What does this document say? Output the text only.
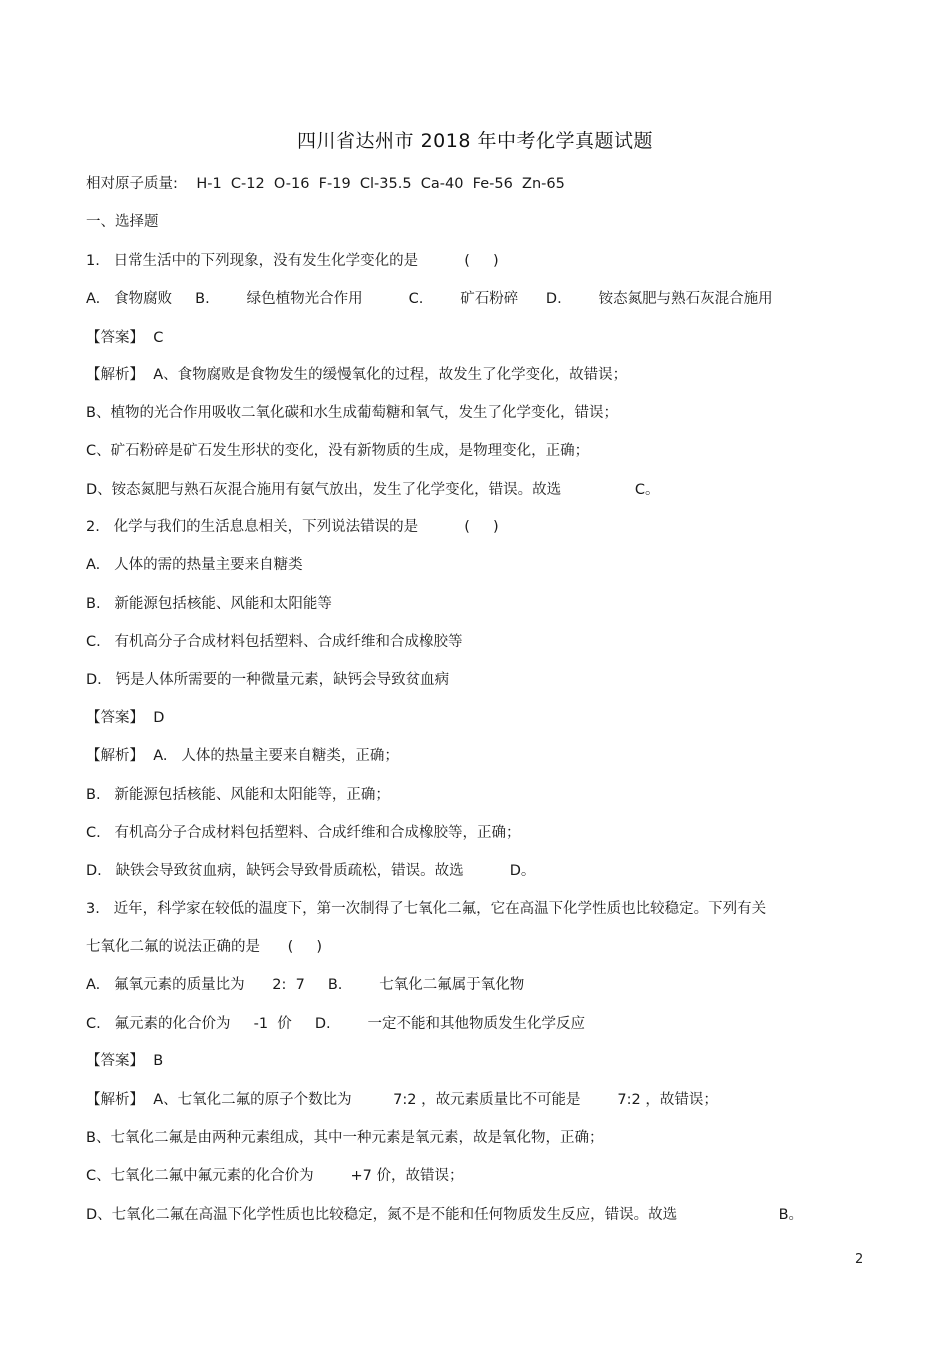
四川省达州市 2018 年中考化学真题试题
相对原子质量:    H-1  C-12  O-16  F-19  Cl-35.5  Ca-40  Fe-56  Zn-65
一、选择题
1.   日常生活中的下列现象，没有发生化学变化的是          (     )
A.   食物腐败     B.        绿色植物光合作用          C.        矿石粉碎      D.        铵态氮肥与熟石灰混合施用
【答案】  C
【解析】  A、食物腐败是食物发生的缓慢氧化的过程，故发生了化学变化，故错误；
B、植物的光合作用吸收二氧化碳和水生成葡萄糖和氧气，发生了化学变化，错误；
C、矿石粉碎是矿石发生形状的变化，没有新物质的生成，是物理变化，正确；
D、铵态氮肥与熟石灰混合施用有氨气放出，发生了化学变化，错误。故选                C。
2.   化学与我们的生活息息相关，下列说法错误的是          (     )
A.   人体的需的热量主要来自糖类
B.   新能源包括核能、风能和太阳能等
C.   有机高分子合成材料包括塑料、合成纤维和合成橡胶等
D.   钙是人体所需要的一种微量元素，缺钙会导致贫血病
【答案】  D
【解析】  A.   人体的热量主要来自糖类，正确；
B.   新能源包括核能、风能和太阳能等，正确；
C.   有机高分子合成材料包括塑料、合成纤维和合成橡胶等，正确；
D.   缺铁会导致贫血病，缺钙会导致骨质疏松，错误。故选          D。
3.   近年，科学家在较低的温度下，第一次制得了七氧化二氟，它在高温下化学性质也比较稳定。下列有关
七氧化二氟的说法正确的是      (     )
A.   氟氧元素的质量比为      2:  7     B.        七氧化二氟属于氧化物
C.   氟元素的化合价为     -1  价     D.        一定不能和其他物质发生化学反应
【答案】  B
【解析】  A、七氧化二氟的原子个数比为         7:2 ，故元素质量比不可能是        7:2 ，故错误；
B、七氧化二氟是由两种元素组成，其中一种元素是氧元素，故是氧化物，正确；
C、七氧化二氟中氟元素的化合价为        +7 价，故错误；
D、七氧化二氟在高温下化学性质也比较稳定，氮不是不能和任何物质发生反应，错误。故选                      B。
2
